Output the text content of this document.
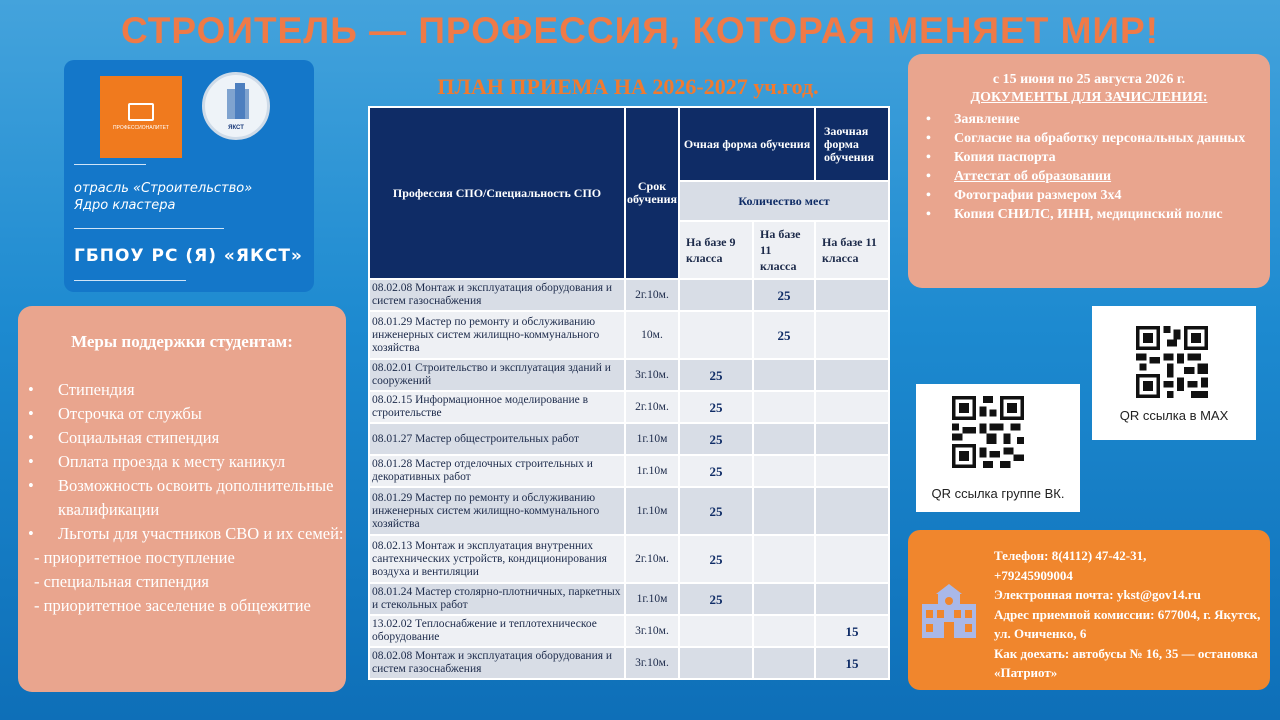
СТРОИТЕЛЬ — ПРОФЕССИЯ, КОТОРАЯ МЕНЯЕТ МИР!
ПЛАН ПРИЕМА НА 2026-2027 уч.год.
ПРОФЕССИОНАЛИТЕТ	ЯКСТ
отрасль «Строительство»
Ядро кластера
ГБПОУ РС (Я) «ЯКСТ»
Меры поддержки студентам:
• Стипендия
• Отсрочка от службы
• Социальная стипендия
• Оплата проезда к месту каникул
• Возможность освоить дополнительные квалификации
• Льготы для участников СВО и их семей:
- приоритетное поступление
- специальная стипендия
- приоритетное заселение в общежитие
Профессия СПО/Специальность СПО	Срок обучения	Очная форма обучения		Заочная форма обучения
		Количество мест		
		На базе 9 класса	На базе 11 класса	На базе 11 класса
08.02.08 Монтаж и эксплуатация оборудования и систем газоснабжения	2г.10м.		25	
08.01.29 Мастер по ремонту и обслуживанию инженерных систем жилищно-коммунального хозяйства	10м.		25	
08.02.01 Строительство и эксплуатация зданий и сооружений	3г.10м.	25		
08.02.15 Информационное моделирование в строительстве	2г.10м.	25		
08.01.27 Мастер общестроительных работ	1г.10м	25		
08.01.28 Мастер отделочных строительных и декоративных работ	1г.10м	25		
08.01.29 Мастер по ремонту и обслуживанию инженерных систем жилищно-коммунального хозяйства	1г.10м	25		
08.02.13 Монтаж и эксплуатация внутренних сантехнических устройств, кондиционирования воздуха и вентиляции	2г.10м.	25		
08.01.24 Мастер столярно-плотничных, паркетных и стекольных работ	1г.10м	25		
13.02.02 Теплоснабжение и теплотехническое оборудование	3г.10м.			15
08.02.08 Монтаж и эксплуатация оборудования и систем газоснабжения	3г.10м.			15
с 15 июня по 25 августа 2026 г.
ДОКУМЕНТЫ ДЛЯ ЗАЧИСЛЕНИЯ:
• Заявление
• Согласие на обработку персональных данных
• Копия паспорта
• Аттестат об образовании
• Фотографии размером 3х4
• Копия СНИЛС, ИНН, медицинский полис
QR ссылка в MAX
QR ссылка группе ВК.
Телефон: 8(4112) 47-42-31,
+79245909004
Электронная почта: ykst@gov14.ru
Адрес приемной комиссии: 677004, г. Якутск, ул. Очиченко, 6
Как доехать: автобусы № 16, 35 — остановка «Патриот»
